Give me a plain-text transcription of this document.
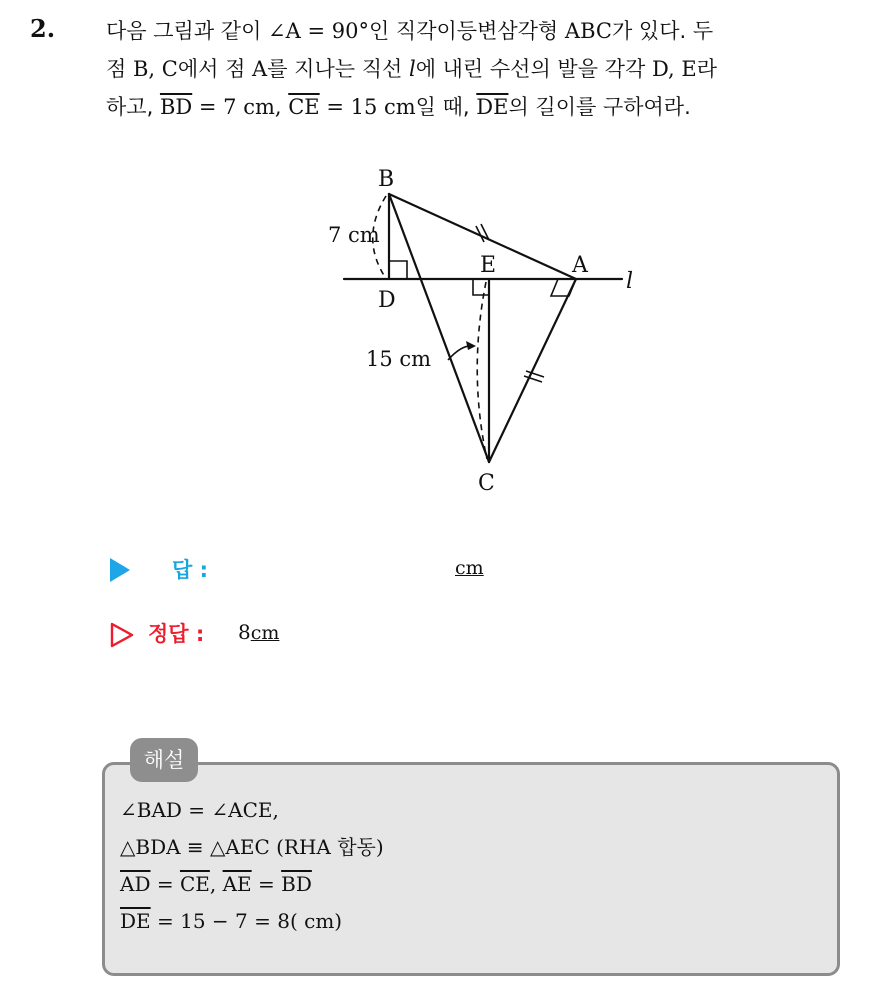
2. 다음 그림과 같이 ∠A = 90°인 직각이등변삼각형 ABC가 있다. 두
점 B, C에서 점 A를 지나는 직선 l에 내린 수선의 발을 각각 D, E라
하고, $\overline{BD} = 7$ cm, $\overline{CE} = 15$ cm일 때, $\overline{DE}$의 길이를 구하여라.
B
D
E	A
C
l
7 cm
15 cm
답 :	cm
정답 : 8cm
해설
∠BAD = ∠ACE,
△BDA ≡ △AEC (RHA 합동)
$\overline{AD} = \overline{CE}$, $\overline{AE} = \overline{BD}$
$\overline{DE} = 15 - 7 = 8$( cm)
